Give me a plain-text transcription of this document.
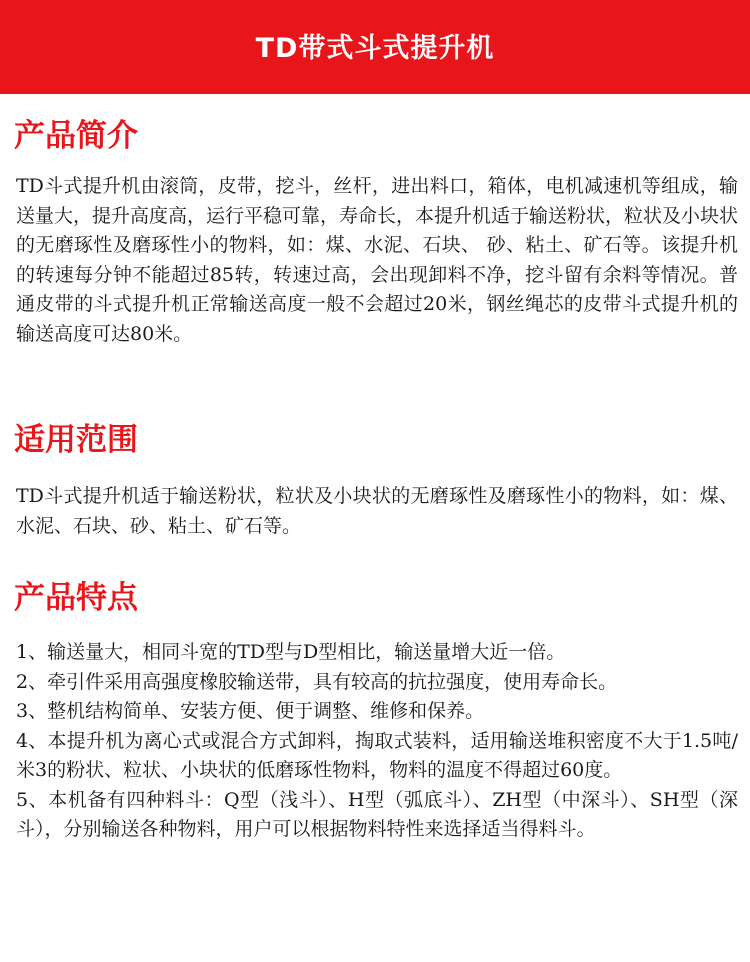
TD带式斗式提升机
产品简介

TD斗式提升机由滚筒，皮带，挖斗，丝杆，进出料口，箱体，电机减速机等组成，输送量大，提升高度高，运行平稳可靠，寿命长，本提升机适于输送粉状，粒状及小块状的无磨琢性及磨琢性小的物料，如：煤、水泥、石块、 砂、粘土、矿石等。该提升机的转速每分钟不能超过85转，转速过高，会出现卸料不净，挖斗留有余料等情况。普通皮带的斗式提升机正常输送高度一般不会超过20米，钢丝绳芯的皮带斗式提升机的输送高度可达80米。

适用范围

TD斗式提升机适于输送粉状，粒状及小块状的无磨琢性及磨琢性小的物料，如：煤、水泥、石块、砂、粘土、矿石等。

产品特点
1、输送量大，相同斗宽的TD型与D型相比，输送量增大近一倍。
2、牵引件采用高强度橡胶输送带，具有较高的抗拉强度，使用寿命长。
3、整机结构简单、安装方便、便于调整、维修和保养。
4、本提升机为离心式或混合方式卸料，掏取式装料，适用输送堆积密度不大于1.5吨/米3的粉状、粒状、小块状的低磨琢性物料，物料的温度不得超过60度。
5、本机备有四种料斗：Q型（浅斗）、H型（弧底斗）、ZH型（中深斗）、SH型（深斗），分别输送各种物料，用户可以根据物料特性来选择适当得料斗。
